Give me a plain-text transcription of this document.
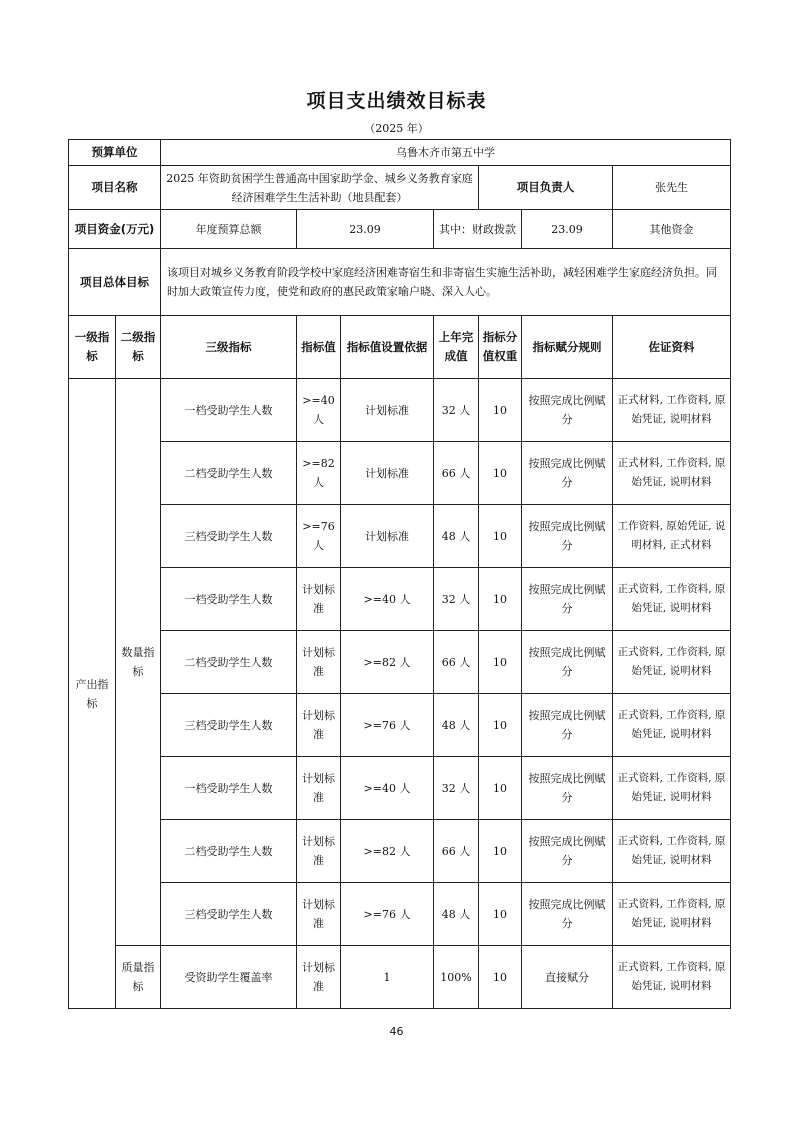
项目支出绩效目标表
（2025 年）
预算单位		乌鲁木齐市第五中学						
项目名称		2025 年资助贫困学生普通高中国家助学金、城乡义务教育家庭经济困难学生生活补助（地县配套）				项目负责人		张先生
项目资金(万元)		年度预算总额	23.09		其中：财政拨款		23.09	其他资金
项目总体目标		该项目对城乡义务教育阶段学校中家庭经济困难寄宿生和非寄宿生实施生活补助，减轻困难学生家庭经济负担。同时加大政策宣传力度，使党和政府的惠民政策家喻户晓、深入人心。						
一级指标	二级指标	三级指标	指标值	指标值设置依据	上年完成值	指标分值权重	指标赋分规则	佐证资料
产出指标	数量指标	一档受助学生人数	>=40 人	计划标准	32 人	10	按照完成比例赋分	正式材料, 工作资料, 原始凭证, 说明材料
		二档受助学生人数	>=82 人	计划标准	66 人	10	按照完成比例赋分	正式材料, 工作资料, 原始凭证, 说明材料
		三档受助学生人数	>=76 人	计划标准	48 人	10	按照完成比例赋分	工作资料, 原始凭证, 说明材料, 正式材料
		一档受助学生人数	计划标准	>=40 人	32 人	10	按照完成比例赋分	正式资料, 工作资料, 原始凭证, 说明材料
		二档受助学生人数	计划标准	>=82 人	66 人	10	按照完成比例赋分	正式资料, 工作资料, 原始凭证, 说明材料
		三档受助学生人数	计划标准	>=76 人	48 人	10	按照完成比例赋分	正式资料, 工作资料, 原始凭证, 说明材料
		一档受助学生人数	计划标准	>=40 人	32 人	10	按照完成比例赋分	正式资料, 工作资料, 原始凭证, 说明材料
		二档受助学生人数	计划标准	>=82 人	66 人	10	按照完成比例赋分	正式资料, 工作资料, 原始凭证, 说明材料
		三档受助学生人数	计划标准	>=76 人	48 人	10	按照完成比例赋分	正式资料, 工作资料, 原始凭证, 说明材料
	质量指标	受资助学生覆盖率	计划标准	1	100%	10	直接赋分	正式资料, 工作资料, 原始凭证, 说明材料
46
